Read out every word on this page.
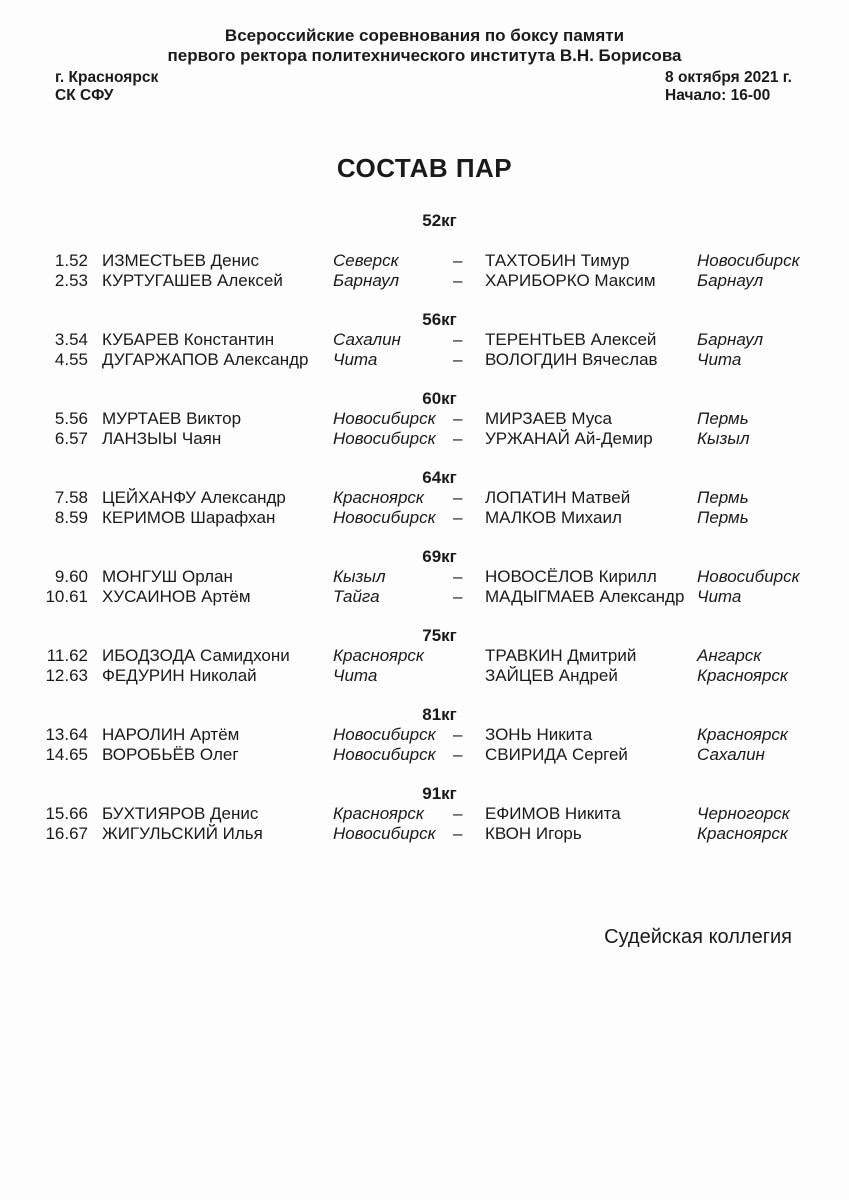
Всероссийские соревнования по боксу памяти
первого ректора политехнического института В.Н. Борисова
г. Красноярск
СК СФУ
8 октября 2021 г.
Начало: 16-00
СОСТАВ ПАР
52кг
1.52 ИЗМЕСТЬЕВ Денис	Северск	–	ТАХТОБИН Тимур	Новосибирск
2.53 КУРТУГАШЕВ Алексей	Барнаул	–	ХАРИБОРКО Максим	Барнаул
56кг
3.54 КУБАРЕВ Константин	Сахалин	–	ТЕРЕНТЬЕВ Алексей	Барнаул
4.55 ДУГАРЖАПОВ Александр	Чита	–	ВОЛОГДИН Вячеслав	Чита
60кг
5.56 МУРТАЕВ Виктор	Новосибирск	–	МИРЗАЕВ Муса	Пермь
6.57 ЛАНЗЫЫ Чаян	Новосибирск	–	УРЖАНАЙ Ай-Демир	Кызыл
64кг
7.58 ЦЕЙХАНФУ Александр	Красноярск	–	ЛОПАТИН Матвей	Пермь
8.59 КЕРИМОВ Шарафхан	Новосибирск	–	МАЛКОВ Михаил	Пермь
69кг
9.60 МОНГУШ Орлан	Кызыл	–	НОВОСЁЛОВ Кирилл	Новосибирск
10.61 ХУСАИНОВ Артём	Тайга	–	МАДЫГМАЕВ Александр Чита
75кг
11.62 ИБОДЗОДА Самидхони	Красноярск	ТРАВКИН Дмитрий	Ангарск
12.63 ФЕДУРИН Николай	Чита	ЗАЙЦЕВ Андрей	Красноярск
81кг
13.64 НАРОЛИН Артём	Новосибирск	–	ЗОНЬ Никита	Красноярск
14.65 ВОРОБЬЁВ Олег	Новосибирск	–	СВИРИДА Сергей	Сахалин
91кг
15.66 БУХТИЯРОВ Денис	Красноярск	–	ЕФИМОВ Никита	Черногорск
16.67 ЖИГУЛЬСКИЙ Илья	Новосибирск	–	КВОН Игорь	Красноярск
Судейская коллегия
